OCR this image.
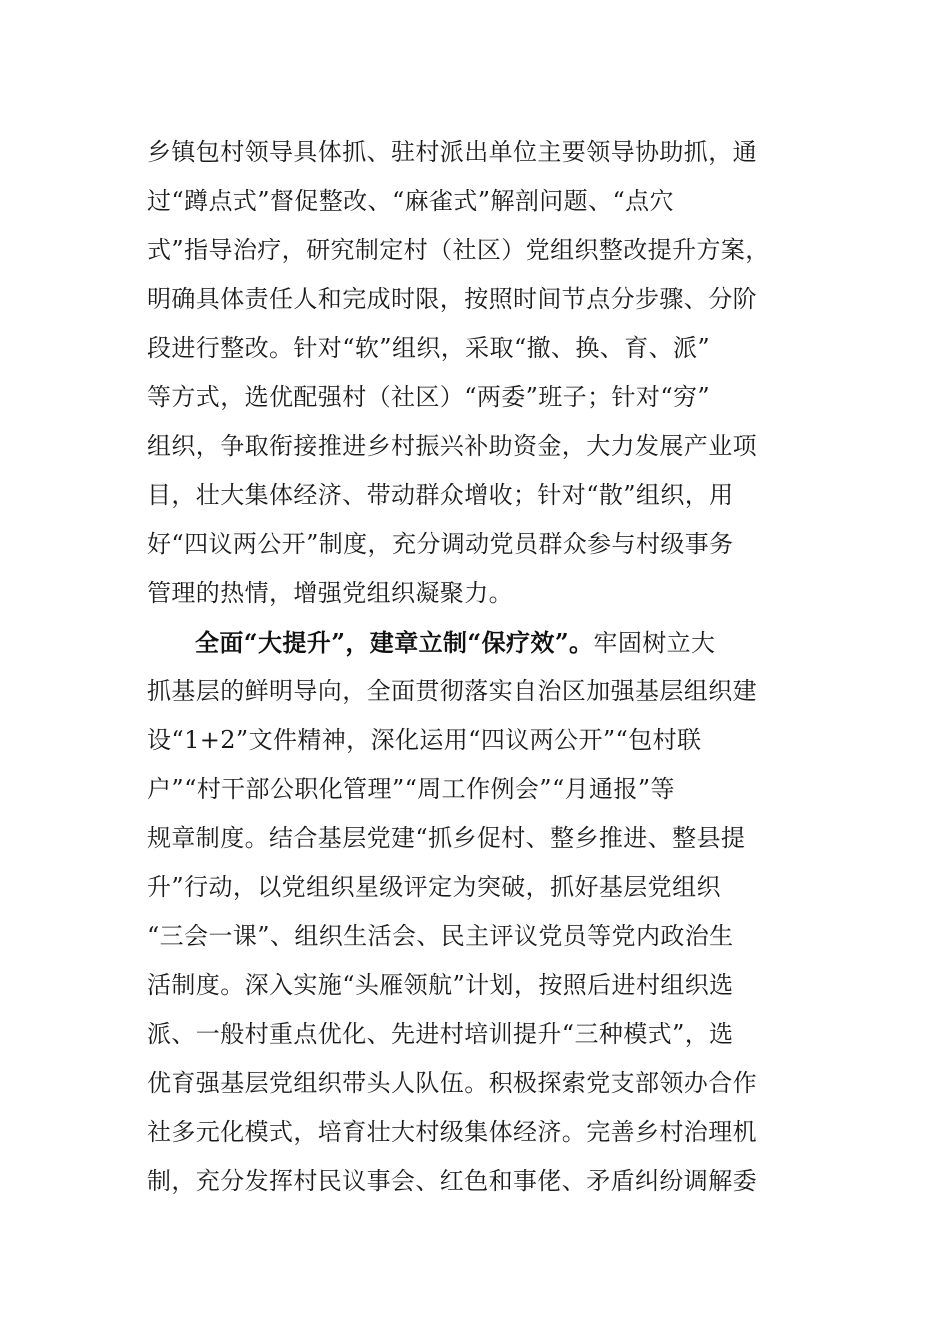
乡镇包村领导具体抓、驻村派出单位主要领导协助抓，通
过“蹲点式”督促整改、“麻雀式”解剖问题、“点穴
式”指导治疗，研究制定村（社区）党组织整改提升方案，
明确具体责任人和完成时限，按照时间节点分步骤、分阶
段进行整改。针对“软”组织，采取“撤、换、育、派”
等方式，选优配强村（社区）“两委”班子；针对“穷”
组织，争取衔接推进乡村振兴补助资金，大力发展产业项
目，壮大集体经济、带动群众增收；针对“散”组织，用
好“四议两公开”制度，充分调动党员群众参与村级事务
管理的热情，增强党组织凝聚力。
全面“大提升”，建章立制“保疗效”。牢固树立大
抓基层的鲜明导向，全面贯彻落实自治区加强基层组织建
设“1+2”文件精神，深化运用“四议两公开”“包村联
户”“村干部公职化管理”“周工作例会”“月通报”等
规章制度。结合基层党建“抓乡促村、整乡推进、整县提
升”行动，以党组织星级评定为突破，抓好基层党组织
“三会一课”、组织生活会、民主评议党员等党内政治生
活制度。深入实施“头雁领航”计划，按照后进村组织选
派、一般村重点优化、先进村培训提升“三种模式”，选
优育强基层党组织带头人队伍。积极探索党支部领办合作
社多元化模式，培育壮大村级集体经济。完善乡村治理机
制，充分发挥村民议事会、红色和事佬、矛盾纠纷调解委
